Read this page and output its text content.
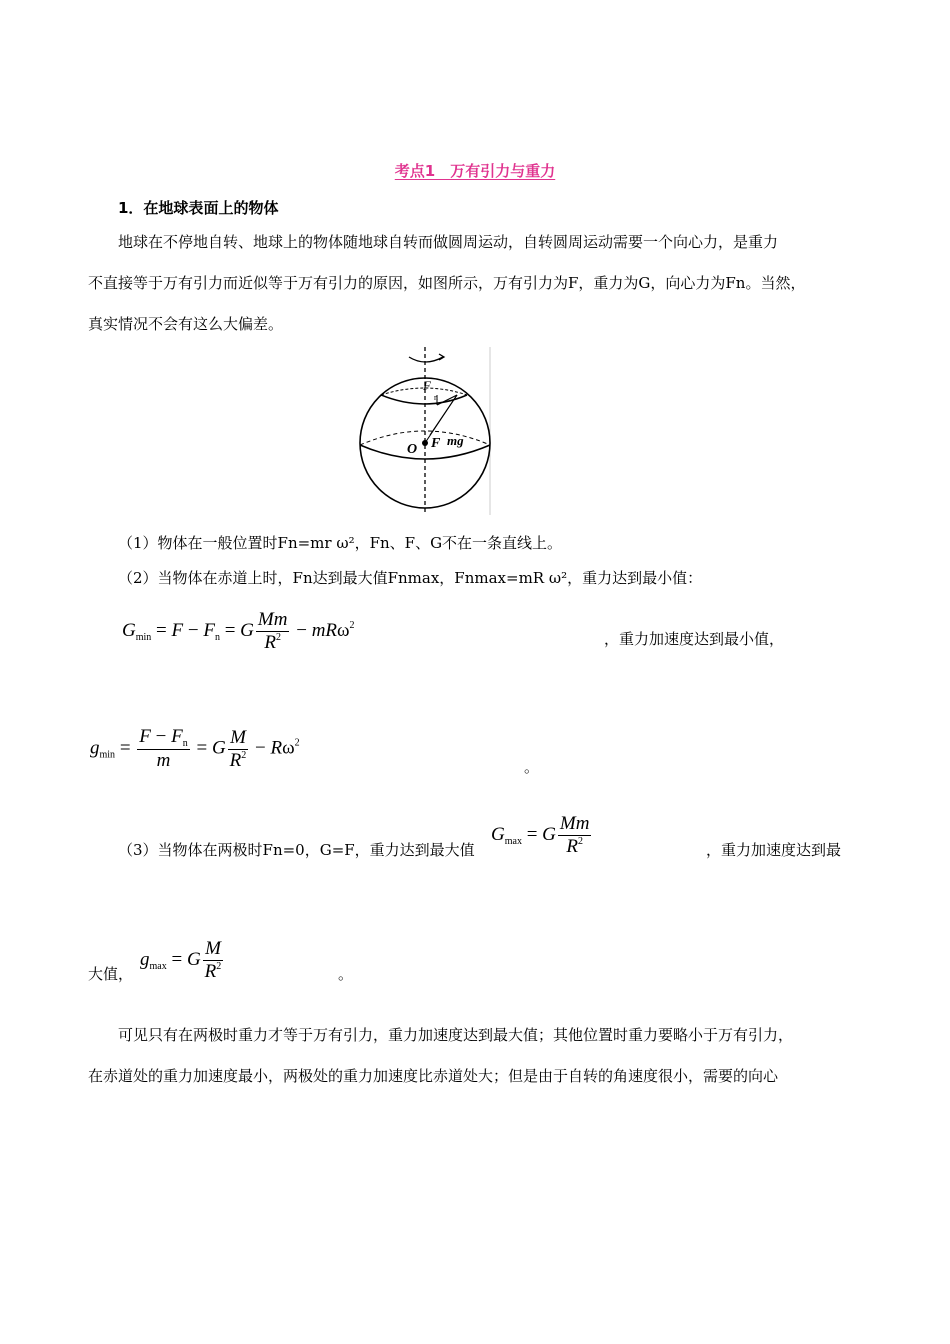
考点1　万有引力与重力
1．在地球表面上的物体
地球在不停地自转、地球上的物体随地球自转而做圆周运动，自转圆周运动需要一个向心力，是重力
不直接等于万有引力而近似等于万有引力的原因，如图所示，万有引力为F，重力为G，向心力为Fn。当然，
真实情况不会有这么大偏差。
F
n
O F mg
（1）物体在一般位置时Fn=mr ω²，Fn、F、G不在一条直线上。
（2）当物体在赤道上时，Fn达到最大值Fnmax，Fnmax=mR ω²，重力达到最小值：
$G_{min} = F - F_n = G \frac{Mm}{R^2} - mR\omega^2$
，重力加速度达到最小值，
$g_{min} = \frac{F - F_n}{m} = G \frac{M}{R^2} - R\omega^2$
。
（3）当物体在两极时Fn=0，G=F，重力达到最大值
$G_{max} = G \frac{Mm}{R^2}$	，重力加速度达到最
大值，
$g_{max} = G \frac{M}{R^2}$	。
可见只有在两极时重力才等于万有引力，重力加速度达到最大值；其他位置时重力要略小于万有引力，
在赤道处的重力加速度最小，两极处的重力加速度比赤道处大；但是由于自转的角速度很小，需要的向心
